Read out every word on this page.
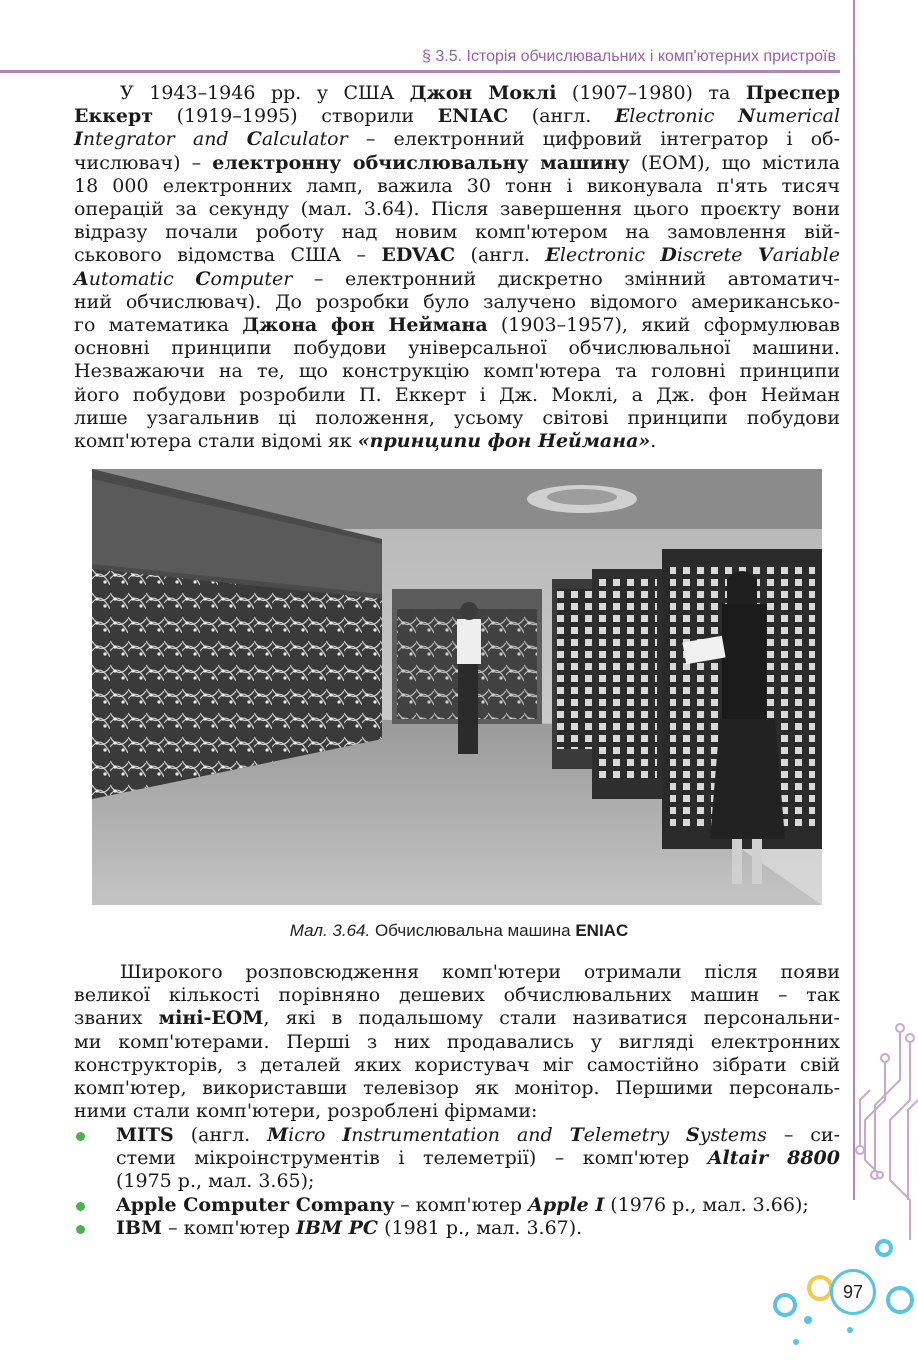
§ 3.5. Історія обчислювальних і комп'ютерних пристроїв
У 1943–1946 рр. у США Джон Моклі (1907–1980) та Преспер
Еккерт (1919–1995) створили ENIAC (англ. Electronic Numerical
Integrator and Calculator – електронний цифровий інтегратор і об-
числювач) – електронну обчислювальну машину (ЕОМ), що містила
18 000 електронних ламп, важила 30 тонн і виконувала п'ять тисяч
операцій за секунду (мал. 3.64). Після завершення цього проєкту вони
відразу почали роботу над новим комп'ютером на замовлення вій-
ськового відомства США – EDVAC (англ. Electronic Discrete Variable
Automatic Computer – електронний дискретно змінний автоматич-
ний обчислювач). До розробки було залучено відомого американсько-
го математика Джона фон Неймана (1903–1957), який сформулював
основні принципи побудови універсальної обчислювальної машини.
Незважаючи на те, що конструкцію комп'ютера та головні принципи
його побудови розробили П. Еккерт і Дж. Моклі, а Дж. фон Нейман
лише узагальнив ці положення, усьому світові принципи побудови
комп'ютера стали відомі як «принципи фон Неймана».
Мал. 3.64. Обчислювальна машина ENIAC
Широкого розповсюдження комп'ютери отримали після появи
великої кількості порівняно дешевих обчислювальних машин – так
званих міні-ЕОМ, які в подальшому стали називатися персональни-
ми комп'ютерами. Перші з них продавались у вигляді електронних
конструкторів, з деталей яких користувач міг самостійно зібрати свій
комп'ютер, використавши телевізор як монітор. Першими персональ-
ними стали комп'ютери, розроблені фірмами:
MITS (англ. Micro Instrumentation and Telemetry Systems – си-
стеми мікроінструментів і телеметрії) – комп'ютер Altair 8800
(1975 р., мал. 3.65);
Apple Computer Company – комп'ютер Apple I (1976 р., мал. 3.66);
IBM – комп'ютер IBM PC (1981 р., мал. 3.67).
97
